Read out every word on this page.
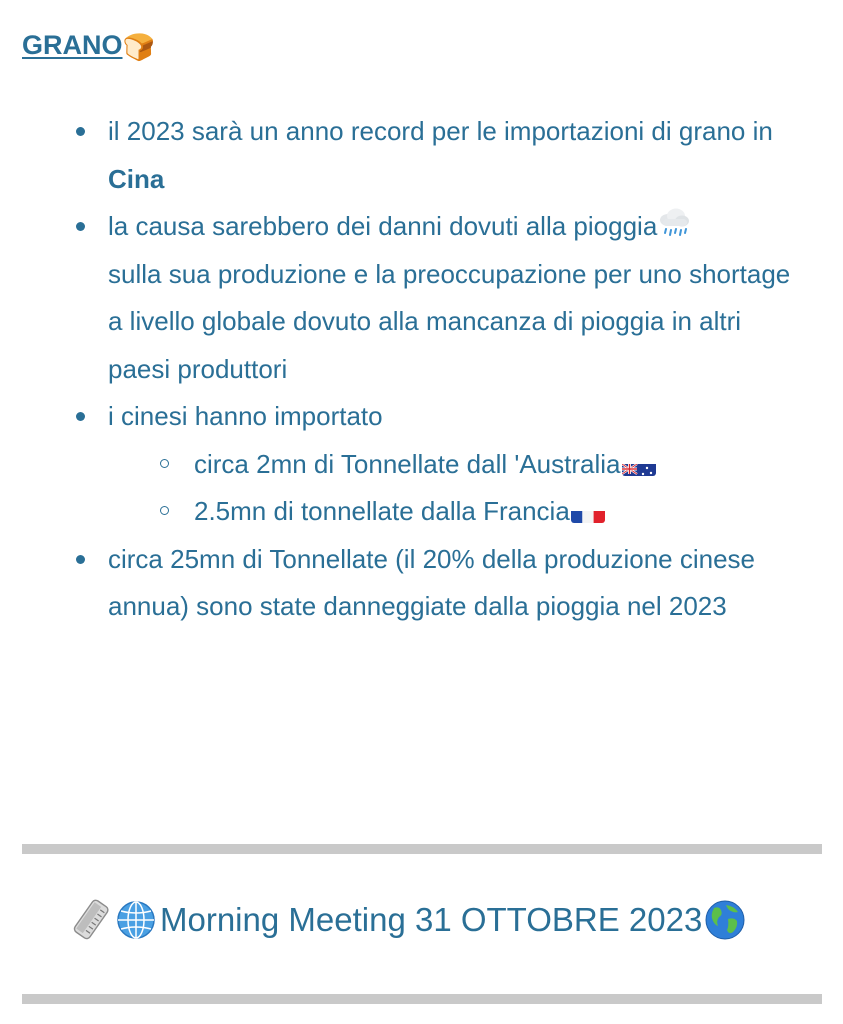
GRANO🍞
il 2023 sarà un anno record per le importazioni di grano in Cina
la causa sarebbero dei danni dovuti alla pioggia
sulla sua produzione e la preoccupazione per uno shortage a livello globale dovuto alla mancanza di pioggia in altri paesi produttori
i cinesi hanno importato
circa 2mn di Tonnellate dall 'Australia
2.5mn di tonnellate dalla Francia
circa 25mn di Tonnellate (il 20% della produzione cinese annua) sono state danneggiate dalla pioggia nel 2023
Morning Meeting 31 OTTOBRE 2023
